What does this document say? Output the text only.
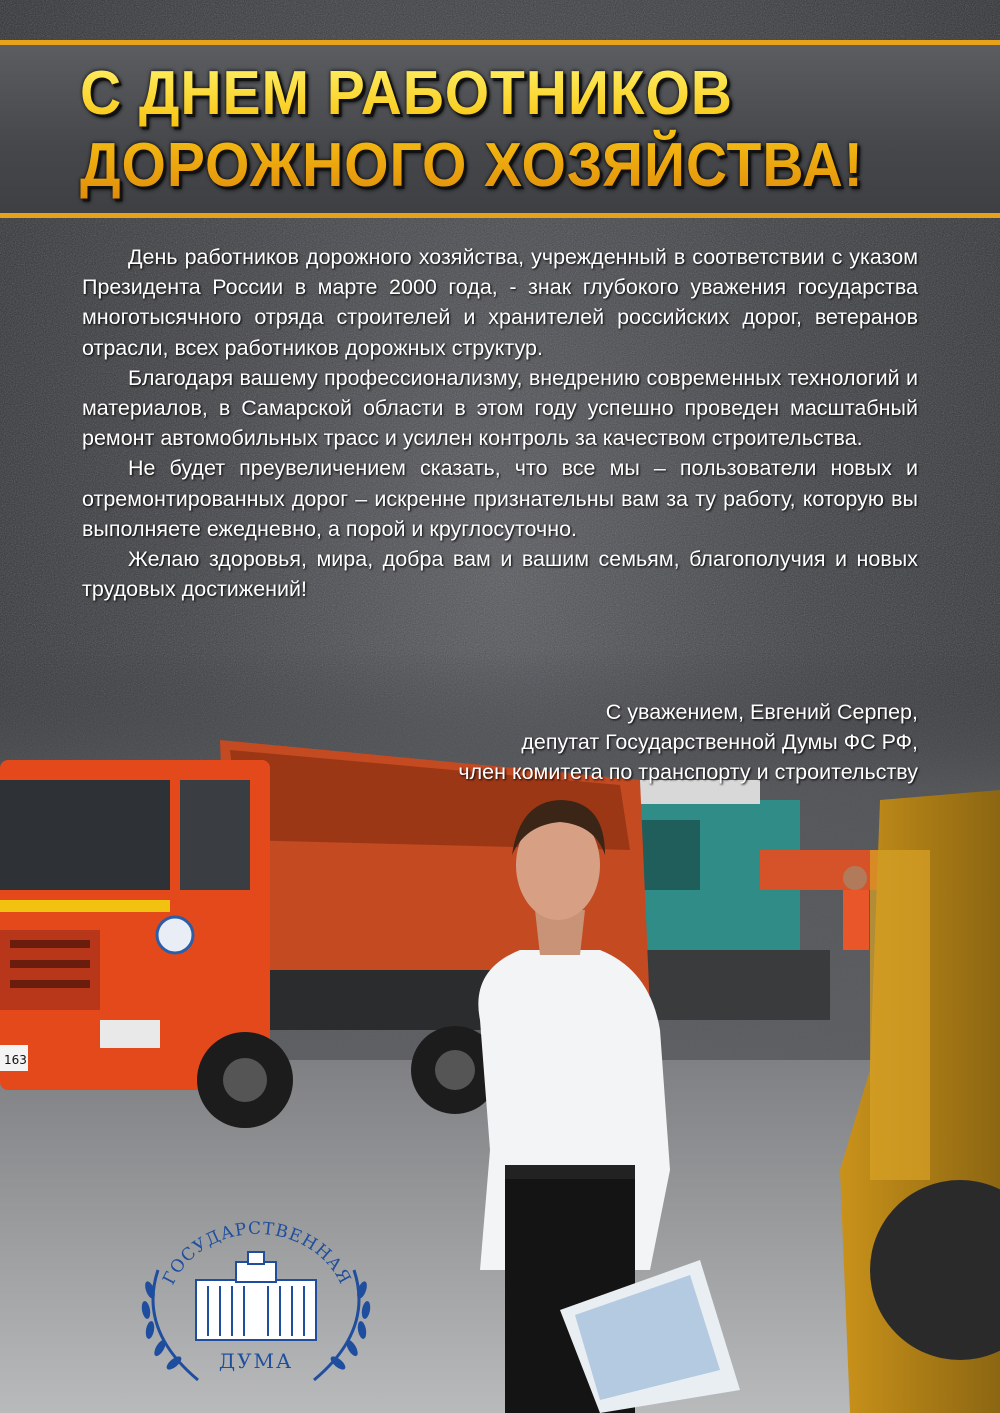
163
С ДНЕМ РАБОТНИКОВ
ДОРОЖНОГО ХОЗЯЙСТВА!

День работников дорожного хозяйства, учрежденный в соответствии с указом Президента России в марте 2000 года, - знак глубокого уважения государства многотысячного отряда строителей и хранителей российских дорог, ветеранов отрасли, всех работников дорожных структур.

Благодаря вашему профессионализму, внедрению современных технологий и материалов, в Самарской области в этом году успешно проведен масштабный ремонт автомобильных трасс и усилен контроль за качеством строительства.

Не будет преувеличением сказать, что все мы – пользователи новых и отремонтированных дорог – искренне признательны вам за ту работу, которую вы выполняете ежедневно, а порой и круглосуточно.

Желаю здоровья, мира, добра вам и вашим семьям, благополучия и новых трудовых достижений!

С уважением, Евгений Серпер,
депутат Государственной Думы ФС РФ,
член комитета по транспорту и строительству
ГОСУДАРСТВЕННАЯ
ДУМА
